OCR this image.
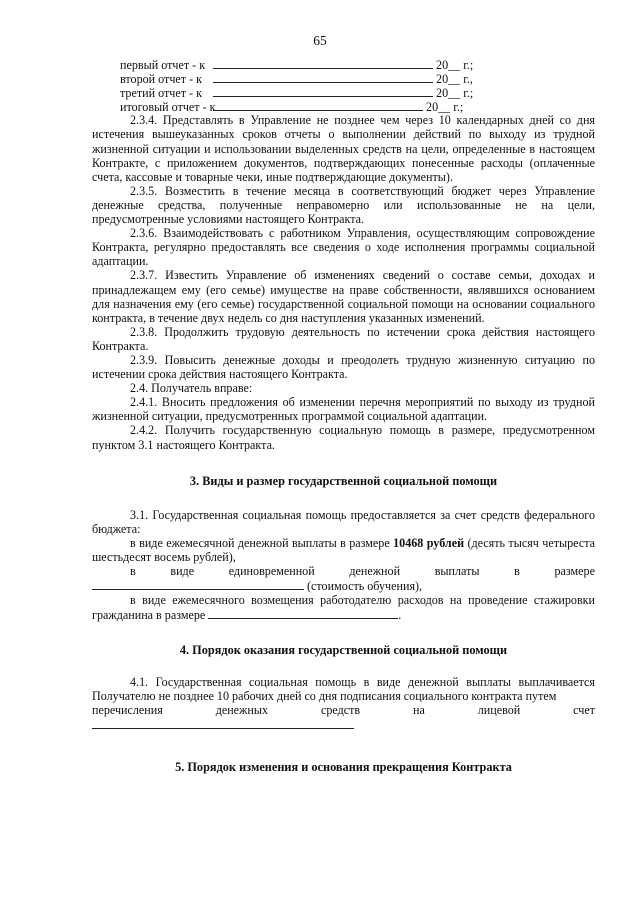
65
первый отчет - к	20__ г.;
второй отчет - к	20__ г.,
третий отчет - к	20__ г.;
итоговый отчет - к	20__ г.;

2.3.4. Представлять в Управление не позднее чем через 10 календарных дней со дня истечения вышеуказанных сроков отчеты о выполнении действий по выходу из трудной жизненной ситуации и использовании выделенных средств на цели, определенные в настоящем Контракте, с приложением документов, подтверждающих понесенные расходы (оплаченные счета, кассовые и товарные чеки, иные подтверждающие документы).

2.3.5. Возместить в течение месяца в соответствующий бюджет через Управление денежные средства, полученные неправомерно или использованные не на цели, предусмотренные условиями настоящего Контракта.

2.3.6. Взаимодействовать с работником Управления, осуществляющим сопровождение Контракта, регулярно предоставлять все сведения о ходе исполнения программы социальной адаптации.

2.3.7. Известить Управление об изменениях сведений о составе семьи, доходах и принадлежащем ему (его семье) имуществе на праве собственности, являвшихся основанием для назначения ему (его семье) государственной социальной помощи на основании социального контракта, в течение двух недель со дня наступления указанных изменений.

2.3.8. Продолжить трудовую деятельность по истечении срока действия настоящего Контракта.

2.3.9. Повысить денежные доходы и преодолеть трудную жизненную ситуацию по истечении срока действия настоящего Контракта.

2.4. Получатель вправе:

2.4.1. Вносить предложения об изменении перечня мероприятий по выходу из трудной жизненной ситуации, предусмотренных программой социальной адаптации.

2.4.2. Получить государственную социальную помощь в размере, предусмотренном пунктом 3.1 настоящего Контракта.

3. Виды и размер государственной социальной помощи

3.1. Государственная социальная помощь предоставляется за счет средств федерального бюджета:

в виде ежемесячной денежной выплаты в размере 10468 рублей (десять тысяч четыреста шестьдесят восемь рублей),

в	виде	единовременной	денежной	выплаты	в	размере
(стоимость обучения),

в виде ежемесячного возмещения работодателю расходов на проведение стажировки гражданина в размере	.

4. Порядок оказания государственной социальной помощи

4.1. Государственная социальная помощь в виде денежной выплаты выплачивается Получателю не позднее 10 рабочих дней со дня подписания социального контракта путем

перечисления	денежных	средств	на	лицевой	счет
5. Порядок изменения и основания прекращения Контракта
